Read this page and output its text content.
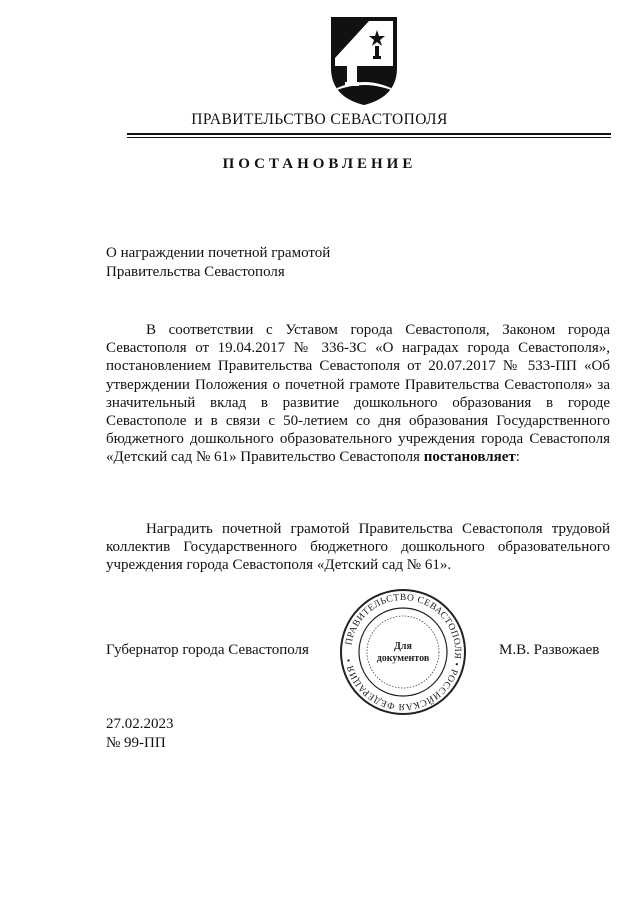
ПРАВИТЕЛЬСТВО СЕВАСТОПОЛЯ
ПОСТАНОВЛЕНИЕ
О награждении почетной грамотой
Правительства Севастополя
В соответствии с Уставом города Севастополя, Законом города Севастополя от 19.04.2017 № 336-ЗС «О наградах города Севастополя», постановлением Правительства Севастополя от 20.07.2017 № 533-ПП «Об утверждении Положения о почетной грамоте Правительства Севастополя» за значительный вклад в развитие дошкольного образования в городе Севастополе и в связи с 50-летием со дня образования Государственного бюджетного дошкольного образовательного учреждения города Севастополя «Детский сад № 61» Правительство Севастополя постановляет:
Наградить почетной грамотой Правительства Севастополя трудовой коллектив Государственного бюджетного дошкольного образовательного учреждения города Севастополя «Детский сад № 61».
Губернатор города Севастополя	М.В. Развожаев
ПРАВИТЕЛЬСТВО СЕВАСТОПОЛЯ • РОССИЙСКАЯ ФЕДЕРАЦИЯ •
Для
документов
27.02.2023
№ 99-ПП
